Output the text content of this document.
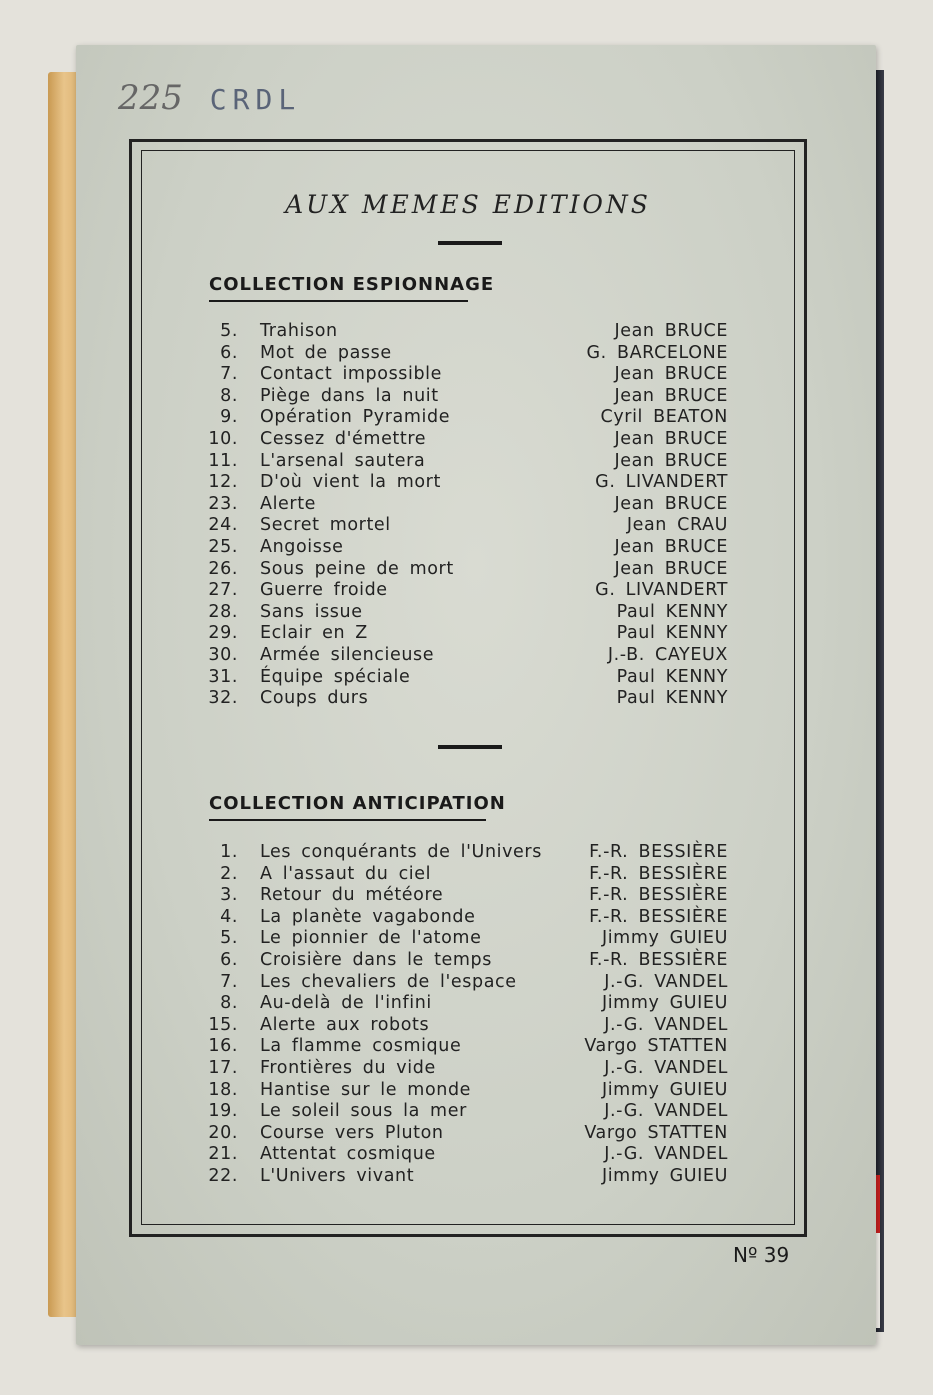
225 CRDL
AUX MEMES EDITIONS
COLLECTION ESPIONNAGE
5. Trahison	Jean BRUCE
6. Mot de passe	G. BARCELONE
7. Contact impossible	Jean BRUCE
8. Piège dans la nuit	Jean BRUCE
9. Opération Pyramide	Cyril BEATON
10. Cessez d'émettre	Jean BRUCE
11. L'arsenal sautera	Jean BRUCE
12. D'où vient la mort	G. LIVANDERT
23. Alerte	Jean BRUCE
24. Secret mortel	Jean CRAU
25. Angoisse	Jean BRUCE
26. Sous peine de mort	Jean BRUCE
27. Guerre froide	G. LIVANDERT
28. Sans issue	Paul KENNY
29. Eclair en Z	Paul KENNY
30. Armée silencieuse	J.-B. CAYEUX
31. Équipe spéciale	Paul KENNY
32. Coups durs	Paul KENNY
COLLECTION ANTICIPATION
1. Les conquérants de l'Univers	F.-R. BESSIÈRE
2. A l'assaut du ciel	F.-R. BESSIÈRE
3. Retour du météore	F.-R. BESSIÈRE
4. La planète vagabonde	F.-R. BESSIÈRE
5. Le pionnier de l'atome	Jimmy GUIEU
6. Croisière dans le temps	F.-R. BESSIÈRE
7. Les chevaliers de l'espace	J.-G. VANDEL
8. Au-delà de l'infini	Jimmy GUIEU
15. Alerte aux robots	J.-G. VANDEL
16. La flamme cosmique	Vargo STATTEN
17. Frontières du vide	J.-G. VANDEL
18. Hantise sur le monde	Jimmy GUIEU
19. Le soleil sous la mer	J.-G. VANDEL
20. Course vers Pluton	Vargo STATTEN
21. Attentat cosmique	J.-G. VANDEL
22. L'Univers vivant	Jimmy GUIEU
Nº 39
